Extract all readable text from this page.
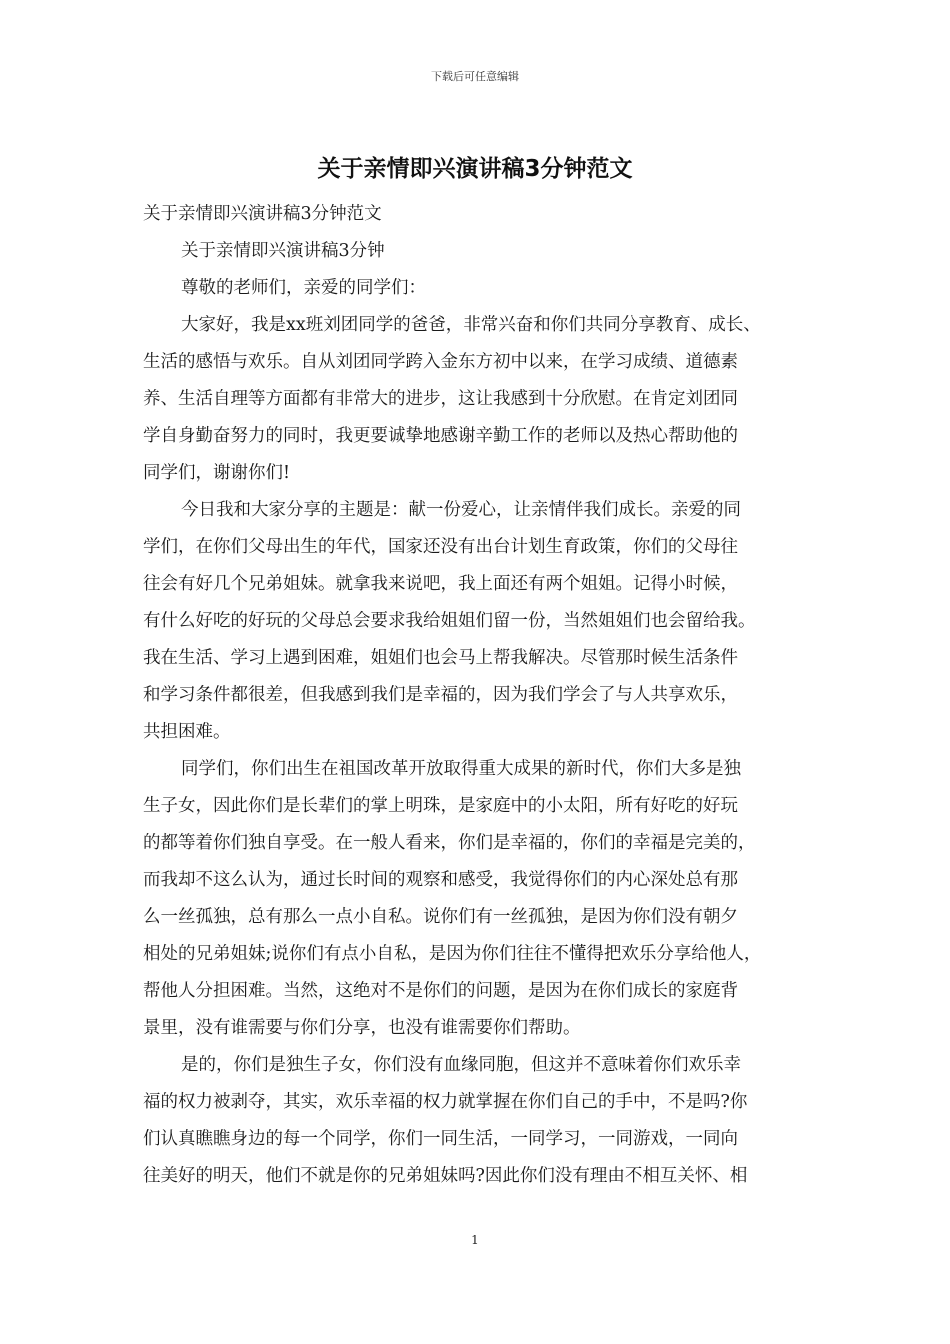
下载后可任意编辑
关于亲情即兴演讲稿3分钟范文
关于亲情即兴演讲稿3分钟范文
关于亲情即兴演讲稿3分钟
尊敬的老师们，亲爱的同学们：
大家好，我是xx班刘团同学的爸爸，非常兴奋和你们共同分享教育、成长、
生活的感悟与欢乐。自从刘团同学跨入金东方初中以来，在学习成绩、道德素
养、生活自理等方面都有非常大的进步，这让我感到十分欣慰。在肯定刘团同
学自身勤奋努力的同时，我更要诚挚地感谢辛勤工作的老师以及热心帮助他的
同学们，谢谢你们!
今日我和大家分享的主题是：献一份爱心，让亲情伴我们成长。亲爱的同
学们，在你们父母出生的年代，国家还没有出台计划生育政策，你们的父母往
往会有好几个兄弟姐妹。就拿我来说吧，我上面还有两个姐姐。记得小时候，
有什么好吃的好玩的父母总会要求我给姐姐们留一份，当然姐姐们也会留给我。
我在生活、学习上遇到困难，姐姐们也会马上帮我解决。尽管那时候生活条件
和学习条件都很差，但我感到我们是幸福的，因为我们学会了与人共享欢乐，
共担困难。
同学们，你们出生在祖国改革开放取得重大成果的新时代，你们大多是独
生子女，因此你们是长辈们的掌上明珠，是家庭中的小太阳，所有好吃的好玩
的都等着你们独自享受。在一般人看来，你们是幸福的，你们的幸福是完美的，
而我却不这么认为，通过长时间的观察和感受，我觉得你们的内心深处总有那
么一丝孤独，总有那么一点小自私。说你们有一丝孤独，是因为你们没有朝夕
相处的兄弟姐妹;说你们有点小自私，是因为你们往往不懂得把欢乐分享给他人，
帮他人分担困难。当然，这绝对不是你们的问题，是因为在你们成长的家庭背
景里，没有谁需要与你们分享，也没有谁需要你们帮助。
是的，你们是独生子女，你们没有血缘同胞，但这并不意味着你们欢乐幸
福的权力被剥夺，其实，欢乐幸福的权力就掌握在你们自己的手中，不是吗?你
们认真瞧瞧身边的每一个同学，你们一同生活，一同学习，一同游戏，一同向
往美好的明天，他们不就是你的兄弟姐妹吗?因此你们没有理由不相互关怀、相
1
